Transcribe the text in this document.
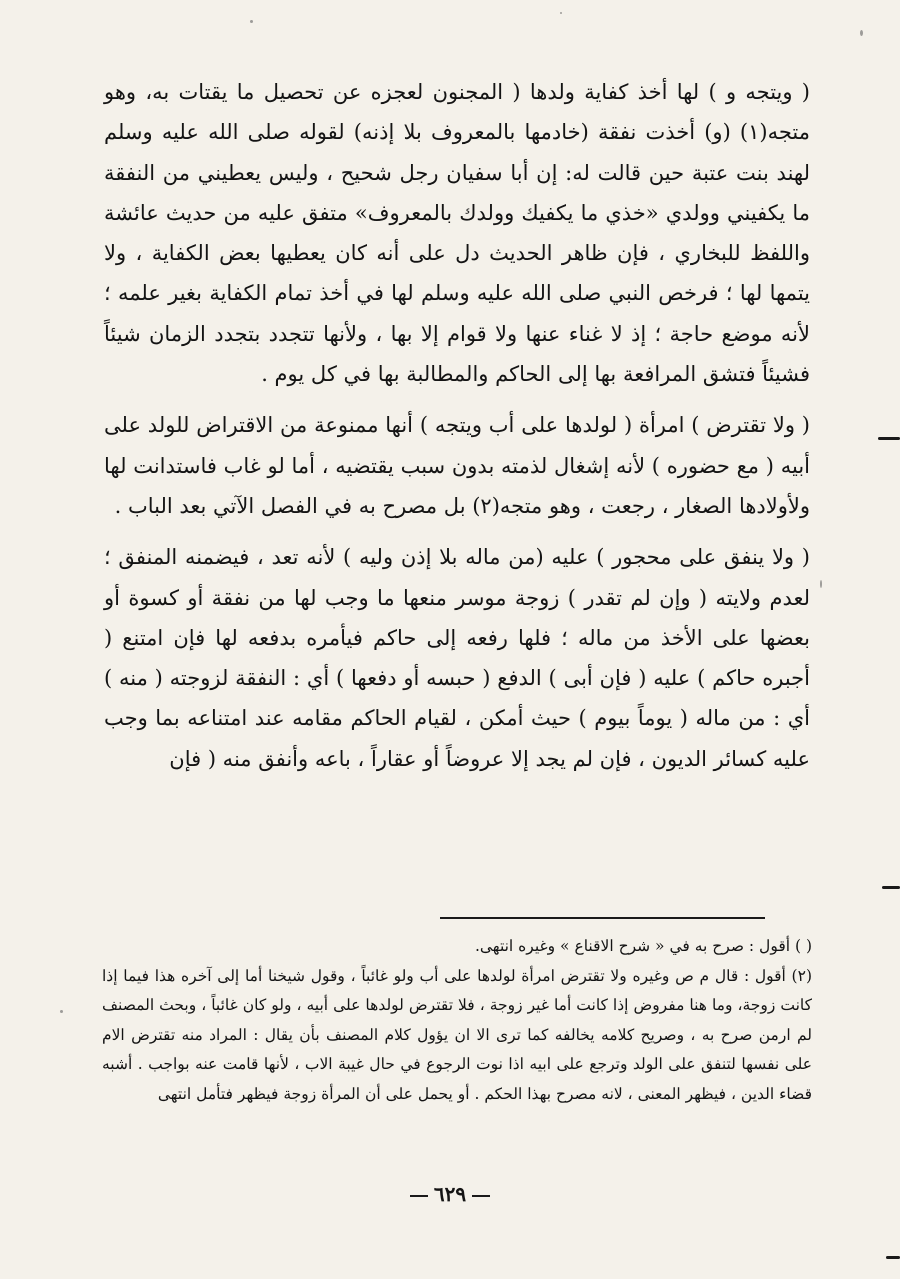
( ويتجه و ) لها أخذ كفاية ولدها ( المجنون لعجزه عن تحصيل ما يقتات به، وهو متجه(١) (و) أخذت نفقة (خادمها بالمعروف بلا إذنه) لقوله صلى الله عليه وسلم لهند بنت عتبة حين قالت له: إن أبا سفيان رجل شحيح ، وليس يعطيني من النفقة ما يكفيني وولدي «خذي ما يكفيك وولدك بالمعروف» متفق عليه من حديث عائشة واللفظ للبخاري ، فإن ظاهر الحديث دل على أنه كان يعطيها بعض الكفاية ، ولا يتمها لها ؛ فرخص النبي صلى الله عليه وسلم لها في أخذ تمام الكفاية بغير علمه ؛ لأنه موضع حاجة ؛ إذ لا غناء عنها ولا قوام إلا بها ، ولأنها تتجدد بتجدد الزمان شيئاً فشيئاً فتشق المرافعة بها إلى الحاكم والمطالبة بها في كل يوم .

( ولا تقترض ) امرأة ( لولدها على أب ويتجه ) أنها ممنوعة من الاقتراض للولد على أبيه ( مع حضوره ) لأنه إشغال لذمته بدون سبب يقتضيه ، أما لو غاب فاستدانت لها ولأولادها الصغار ، رجعت ، وهو متجه(٢) بل مصرح به في الفصل الآتي بعد الباب .

( ولا ينفق على محجور ) عليه (من ماله بلا إذن وليه ) لأنه تعد ، فيضمنه المنفق ؛ لعدم ولايته ( وإن لم تقدر ) زوجة موسر منعها ما وجب لها من نفقة أو كسوة أو بعضها على الأخذ من ماله ؛ فلها رفعه إلى حاكم فيأمره بدفعه لها فإن امتنع ( أجبره حاكم ) عليه ( فإن أبى ) الدفع ( حبسه أو دفعها ) أي : النفقة لزوجته ( منه ) أي : من ماله ( يوماً بيوم ) حيث أمكن ، لقيام الحاكم مقامه عند امتناعه بما وجب عليه كسائر الديون ، فإن لم يجد إلا عروضاً أو عقاراً ، باعه وأنفق منه ( فإن

( ) أقول : صرح به في « شرح الاقناع » وغيره انتهى.

(٢) أقول : قال م ص وغيره ولا تقترض امرأة لولدها على أب ولو غائباً ، وقول شيخنا أما إلى آخره هذا فيما إذا كانت زوجة، وما هنا مفروض إذا كانت أما غير زوجة ، فلا تقترض لولدها على أبيه ، ولو كان غائباً ، وبحث المصنف لم ارمن صرح به ، وصريح كلامه يخالفه كما ترى الا ان يؤول كلام المصنف بأن يقال : المراد منه تقترض الام على نفسها لتنفق على الولد وترجع على ابيه اذا نوت الرجوع في حال غيبة الاب ، لأنها قامت عنه بواجب . أشبه قضاء الدين ، فيظهر المعنى ، لانه مصرح بهذا الحكم . أو يحمل على أن المرأة زوجة فيظهر فتأمل انتهى

٦٢٩
